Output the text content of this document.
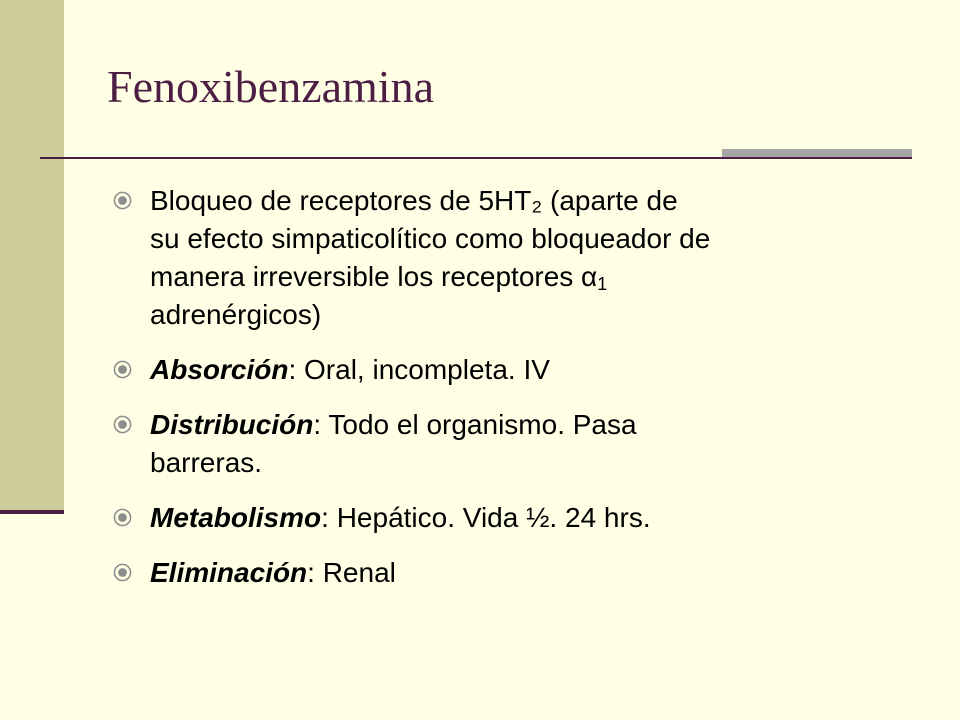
Fenoxibenzamina
Bloqueo de receptores de 5HT₂ (aparte de
su efecto simpaticolítico como bloqueador de
manera irreversible los receptores $\alpha_1$
adrenérgicos)
Absorción: Oral, incompleta. IV
Distribución: Todo el organismo. Pasa
barreras.
Metabolismo: Hepático. Vida ½. 24 hrs.
Eliminación: Renal
